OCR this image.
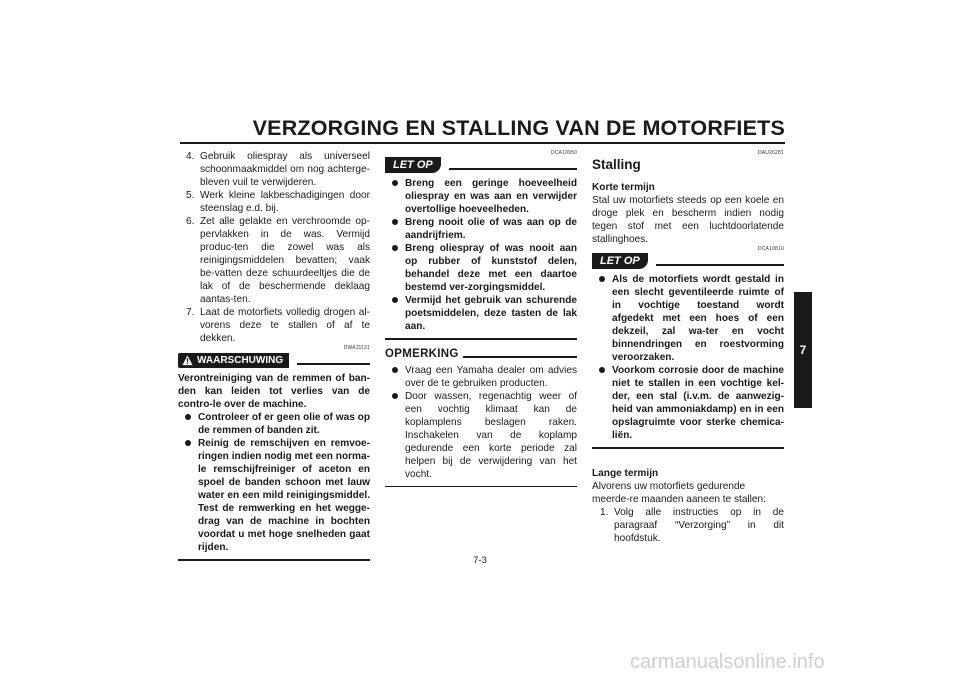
VERZORGING EN STALLING VAN DE MOTORFIETS
4. Gebruik oliespray als universeel schoonmaakmiddel om nog achterge-bleven vuil te verwijderen.
5. Werk kleine lakbeschadigingen door steenslag e.d. bij.
6. Zet alle gelakte en verchroomde op-pervlakken in de was. Vermijd produc-ten die zowel was als reinigingsmiddelen bevatten; vaak be-vatten deze schuurdeeltjes die de lak of de beschermende deklaag aantas-ten.
7. Laat de motorfiets volledig drogen al-vorens deze te stallen of af te dekken.
DWA11131
WAARSCHUWING
Verontreiniging van de remmen of ban-den kan leiden tot verlies van de contro-le over de machine.
Controleer of er geen olie of was op de remmen of banden zit.
Reinig de remschijven en remvoe-ringen indien nodig met een norma-le remschijfreiniger of aceton en spoel de banden schoon met lauw water en een mild reinigingsmiddel. Test de remwerking en het wegge-drag van de machine in bochten voordat u met hoge snelheden gaat rijden.
DCA10950
LET OP
Breng een geringe hoeveelheid oliespray en was aan en verwijder overtollige hoeveelheden.
Breng nooit olie of was aan op de aandrijfriem.
Breng oliespray of was nooit aan op rubber of kunststof delen, behandel deze met een daartoe bestemd ver-zorgingsmiddel.
Vermijd het gebruik van schurende poetsmiddelen, deze tasten de lak aan.
OPMERKING
Vraag een Yamaha dealer om advies over de te gebruiken producten.
Door wassen, regenachtig weer of een vochtig klimaat kan de koplamplens beslagen raken. Inschakelen van de koplamp gedurende een korte periode zal helpen bij de verwijdering van het vocht.
DAU26281
Stalling
Korte termijn
Stal uw motorfiets steeds op een koele en droge plek en bescherm indien nodig tegen stof met een luchtdoorlatende stallinghoes.
DCA10810
LET OP
Als de motorfiets wordt gestald in een slecht geventileerde ruimte of in vochtige toestand wordt afgedekt met een hoes of een dekzeil, zal wa-ter en vocht binnendringen en roestvorming veroorzaken.
Voorkom corrosie door de machine niet te stallen in een vochtige kel-der, een stal (i.v.m. de aanwezig-heid van ammoniakdamp) en in een opslagruimte voor sterke chemica-liën.
Lange termijn
Alvorens uw motorfiets gedurende meerde-re maanden aaneen te stallen:
1. Volg alle instructies op in de paragraaf “Verzorging” in dit hoofdstuk.
7
7-3
carmanualsonline.info
